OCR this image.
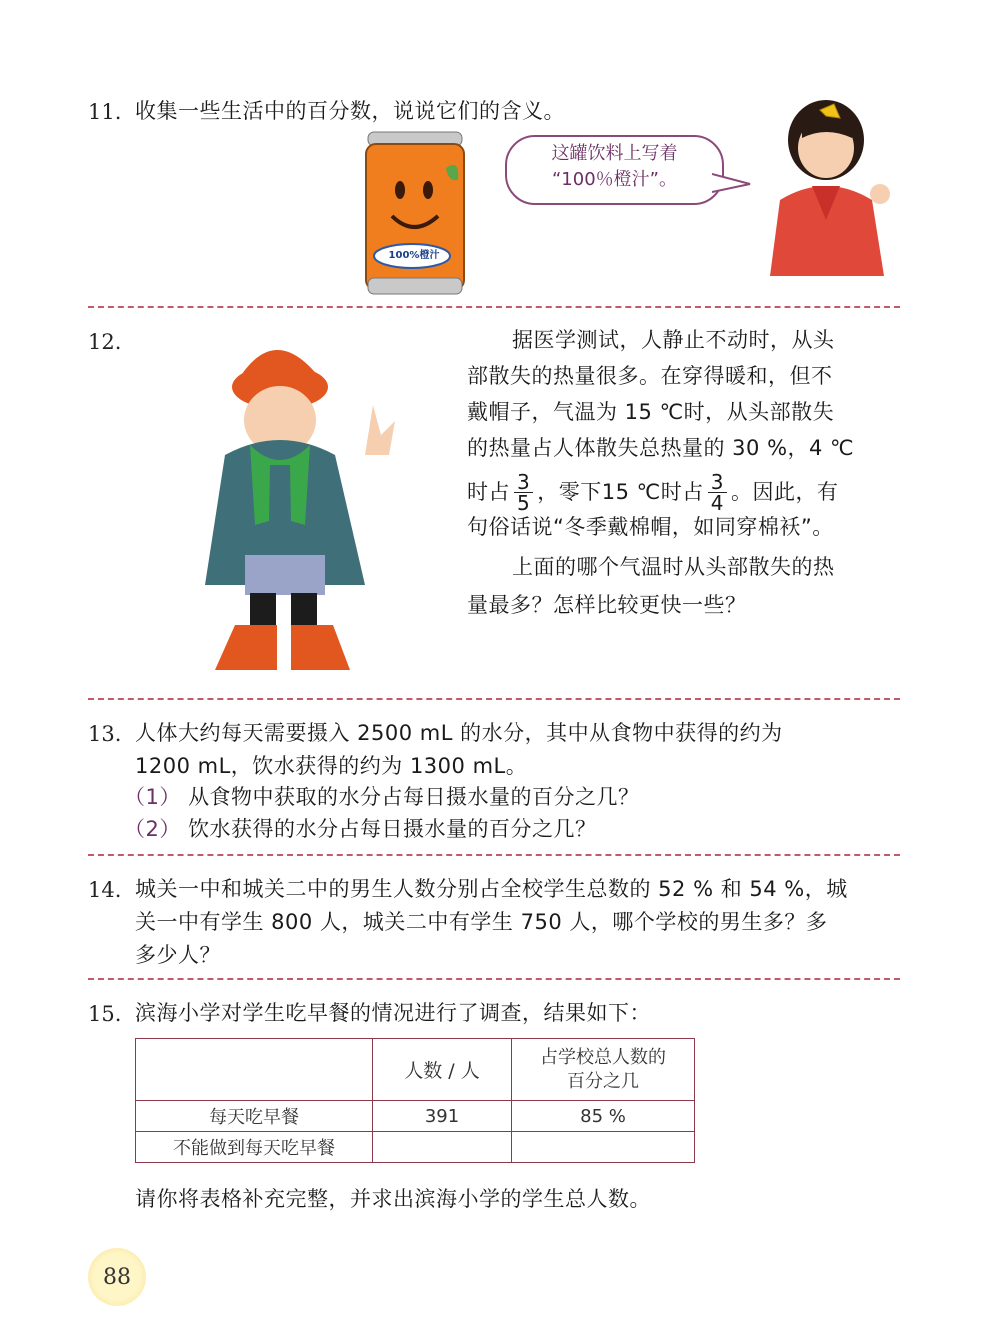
11. 收集一些生活中的百分数，说说它们的含义。
100%橙汁
这罐饮料上写着
“100％橙汁”。
12.	据医学测试，人静止不动时，从头
部散失的热量很多。在穿得暖和，但不
戴帽子，气温为 15 ℃时，从头部散失
的热量占人体散失总热量的 30 %，4 ℃
时占 $\frac{3}{5}$ ，零下15 ℃时占 $\frac{3}{4}$ 。因此，有
句俗话说“冬季戴棉帽，如同穿棉袄”。
上面的哪个气温时从头部散失的热
量最多？怎样比较更快一些？
13. 人体大约每天需要摄入 2500 mL 的水分，其中从食物中获得的约为
1200 mL，饮水获得的约为 1300 mL。
（1） 从食物中获取的水分占每日摄水量的百分之几？
（2） 饮水获得的水分占每日摄水量的百分之几？
14. 城关一中和城关二中的男生人数分别占全校学生总数的 52 % 和 54 %，城
关一中有学生 800 人，城关二中有学生 750 人，哪个学校的男生多？多
多少人？
15. 滨海小学对学生吃早餐的情况进行了调查，结果如下：
	人数 / 人	占学校总人数的
百分之几

每天吃早餐	391	85 %
不能做到每天吃早餐		
请你将表格补充完整，并求出滨海小学的学生总人数。
88
